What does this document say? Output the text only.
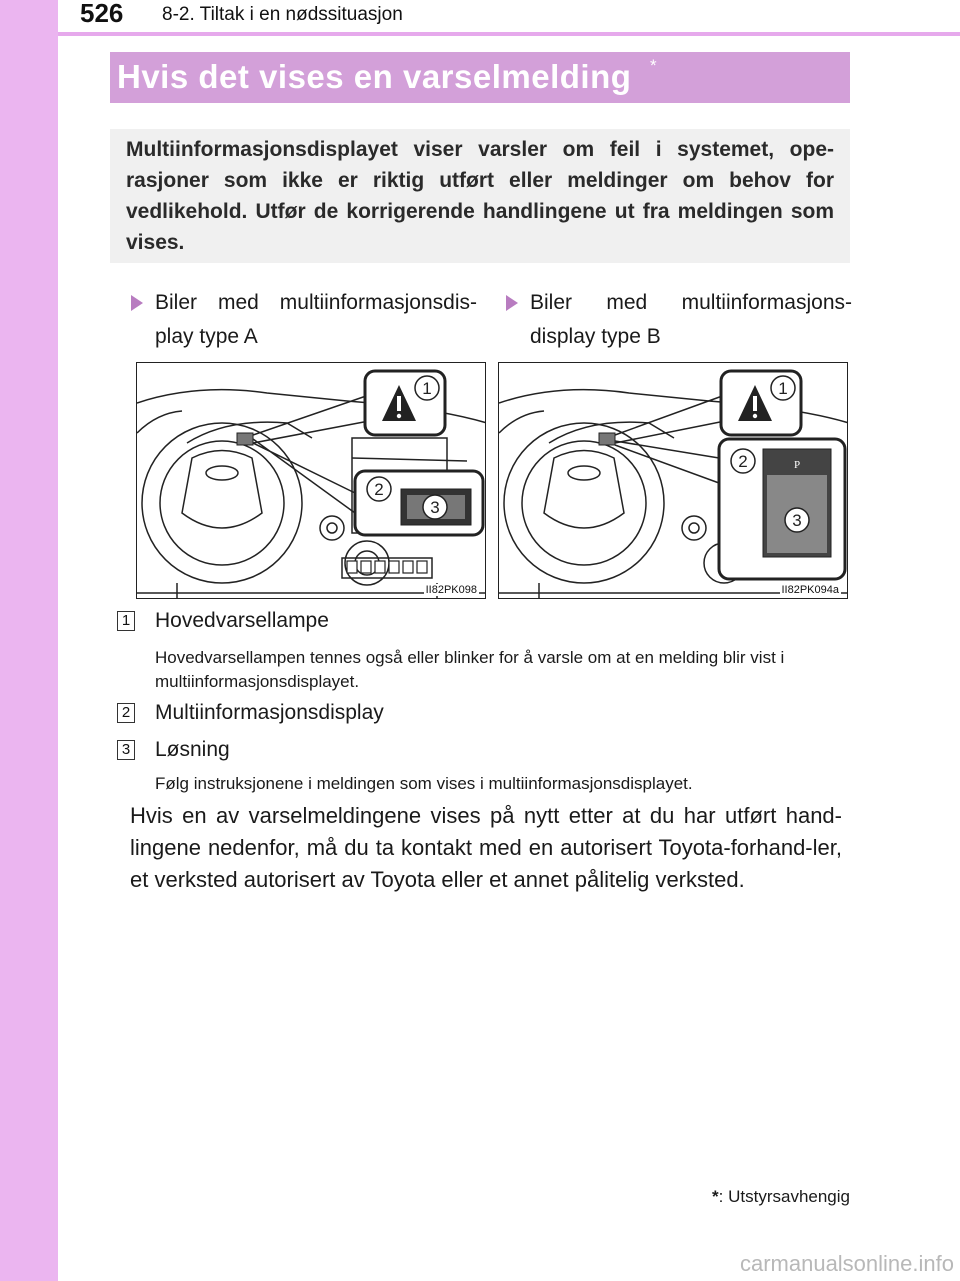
526 8-2. Tiltak i en nødssituasjon
Hvis det vises en varselmelding *
Multiinformasjonsdisplayet viser varsler om feil i systemet, ope-rasjoner som ikke er riktig utført eller meldinger om behov for vedlikehold. Utfør de korrigerende handlingene ut fra meldingen som vises.
Biler med multiinformasjonsdis-play type A
Biler med multiinformasjons-display type B
1
2
3
II82PK098
1
P
2
3
II82PK094a
1 Hovedvarsellampe
Hovedvarsellampen tennes også eller blinker for å varsle om at en melding blir vist i multiinformasjonsdisplayet.
2 Multiinformasjonsdisplay
3 Løsning
Følg instruksjonene i meldingen som vises i multiinformasjonsdisplayet.
Hvis en av varselmeldingene vises på nytt etter at du har utført hand-lingene nedenfor, må du ta kontakt med en autorisert Toyota-forhand-ler, et verksted autorisert av Toyota eller et annet pålitelig verksted.
*: Utstyrsavhengig
carmanualsonline.info
